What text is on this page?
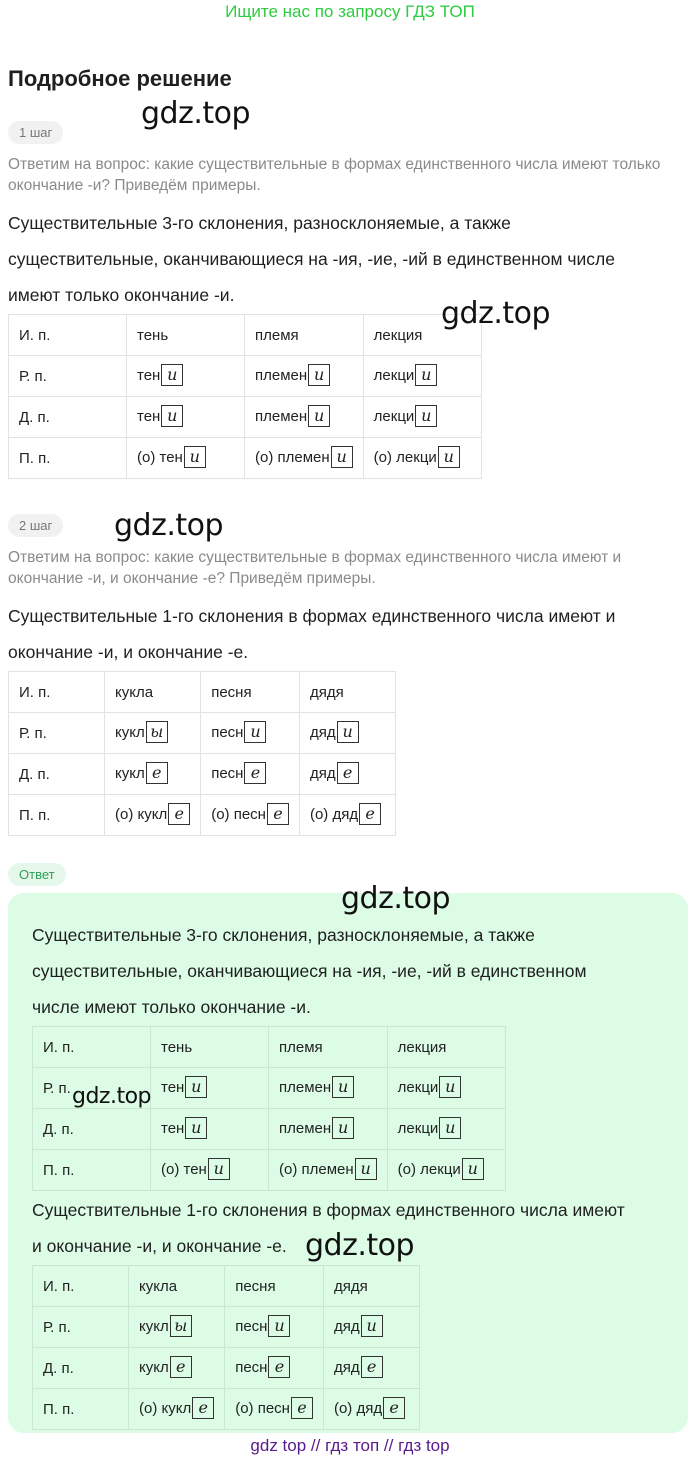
Ищите нас по запросу ГДЗ ТОП
Подробное решение
1 шаг
Ответим на вопрос: какие существительные в формах единственного числа имеют только окончание -и? Приведём примеры.
Существительные 3-го склонения, разносклоняемые, а также
существительные, оканчивающиеся на -ия, -ие, -ий в единственном числе
имеют только окончание -и.
И. п.	тень	племя	лекция
Р. п.	тен и	племен и	лекци и
Д. п.	тен и	племен и	лекци и
П. п.	(о) тен и	(о) племен и	(о) лекци и
2 шаг
Ответим на вопрос: какие существительные в формах единственного числа имеют и окончание -и, и окончание -е? Приведём примеры.
Существительные 1-го склонения в формах единственного числа имеют и
окончание -и, и окончание -е.
И. п.	кукла	песня	дядя
Р. п.	кукл ы	песн и	дяд и
Д. п.	кукл е	песн е	дяд е
П. п.	(о) кукл е	(о) песн е	(о) дяд е
Ответ
Существительные 3-го склонения, разносклоняемые, а также
существительные, оканчивающиеся на -ия, -ие, -ий в единственном
числе имеют только окончание -и.
И. п.	тень	племя	лекция
Р. п.	тен и	племен и	лекци и
Д. п.	тен и	племен и	лекци и
П. п.	(о) тен и	(о) племен и	(о) лекци и
Существительные 1-го склонения в формах единственного числа имеют
и окончание -и, и окончание -е.
И. п.	кукла	песня	дядя
Р. п.	кукл ы	песн и	дяд и
Д. п.	кукл е	песн е	дяд е
П. п.	(о) кукл е	(о) песн е	(о) дяд е
gdz.top
gdz.top
gdz.top
gdz.top
gdz.top
gdz.top
gdz top // гдз топ // гдз top
